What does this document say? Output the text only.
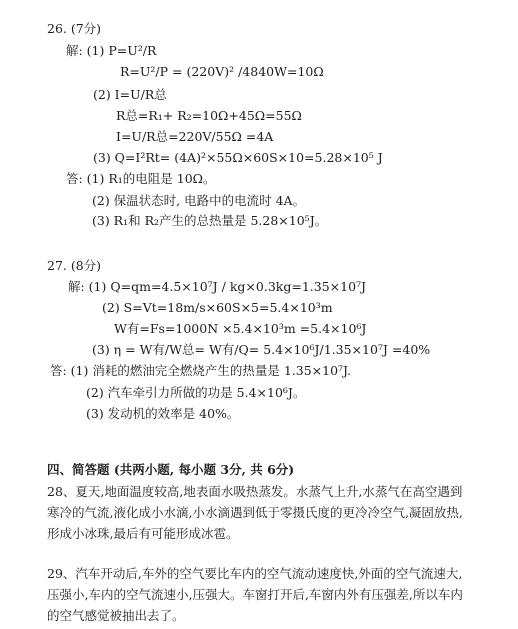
26. (7分)
解: (1) P=U²/R
R=U²/P = (220V)² /4840W=10Ω
(2) I=U/R总
R总=R₁+ R₂=10Ω+45Ω=55Ω
I=U/R总=220V/55Ω =4A
(3) Q=I²Rt= (4A)²×55Ω×60S×10=5.28×10⁵ J
答: (1) R₁的电阻是 10Ω。
(2) 保温状态时, 电路中的电流时 4A。
(3) R₁和 R₂产生的总热量是 5.28×10⁵J。
27. (8分)
解: (1) Q=qm=4.5×10⁷J / kg×0.3kg=1.35×10⁷J
(2) S=Vt=18m/s×60S×5=5.4×10³m
W有=Fs=1000N ×5.4×10³m =5.4×10⁶J
(3) η = W有/W总= W有/Q= 5.4×10⁶J/1.35×10⁷J =40%
答: (1) 消耗的燃油完全燃烧产生的热量是 1.35×10⁷J.
(2) 汽车牵引力所做的功是 5.4×10⁶J。
(3) 发动机的效率是 40%。
四、简答题 (共两小题, 每小题 3分, 共 6分)
28、夏天,地面温度较高,地表面水吸热蒸发。水蒸气上升,水蒸气在高空遇到寒冷的气流,液化成小水滴,小水滴遇到低于零摄氏度的更冷冷空气,凝固放热,形成小冰珠,最后有可能形成冰雹。
29、汽车开动后,车外的空气要比车内的空气流动速度快,外面的空气流速大,压强小,车内的空气流速小,压强大。车窗打开后,车窗内外有压强差,所以车内的空气感觉被抽出去了。
